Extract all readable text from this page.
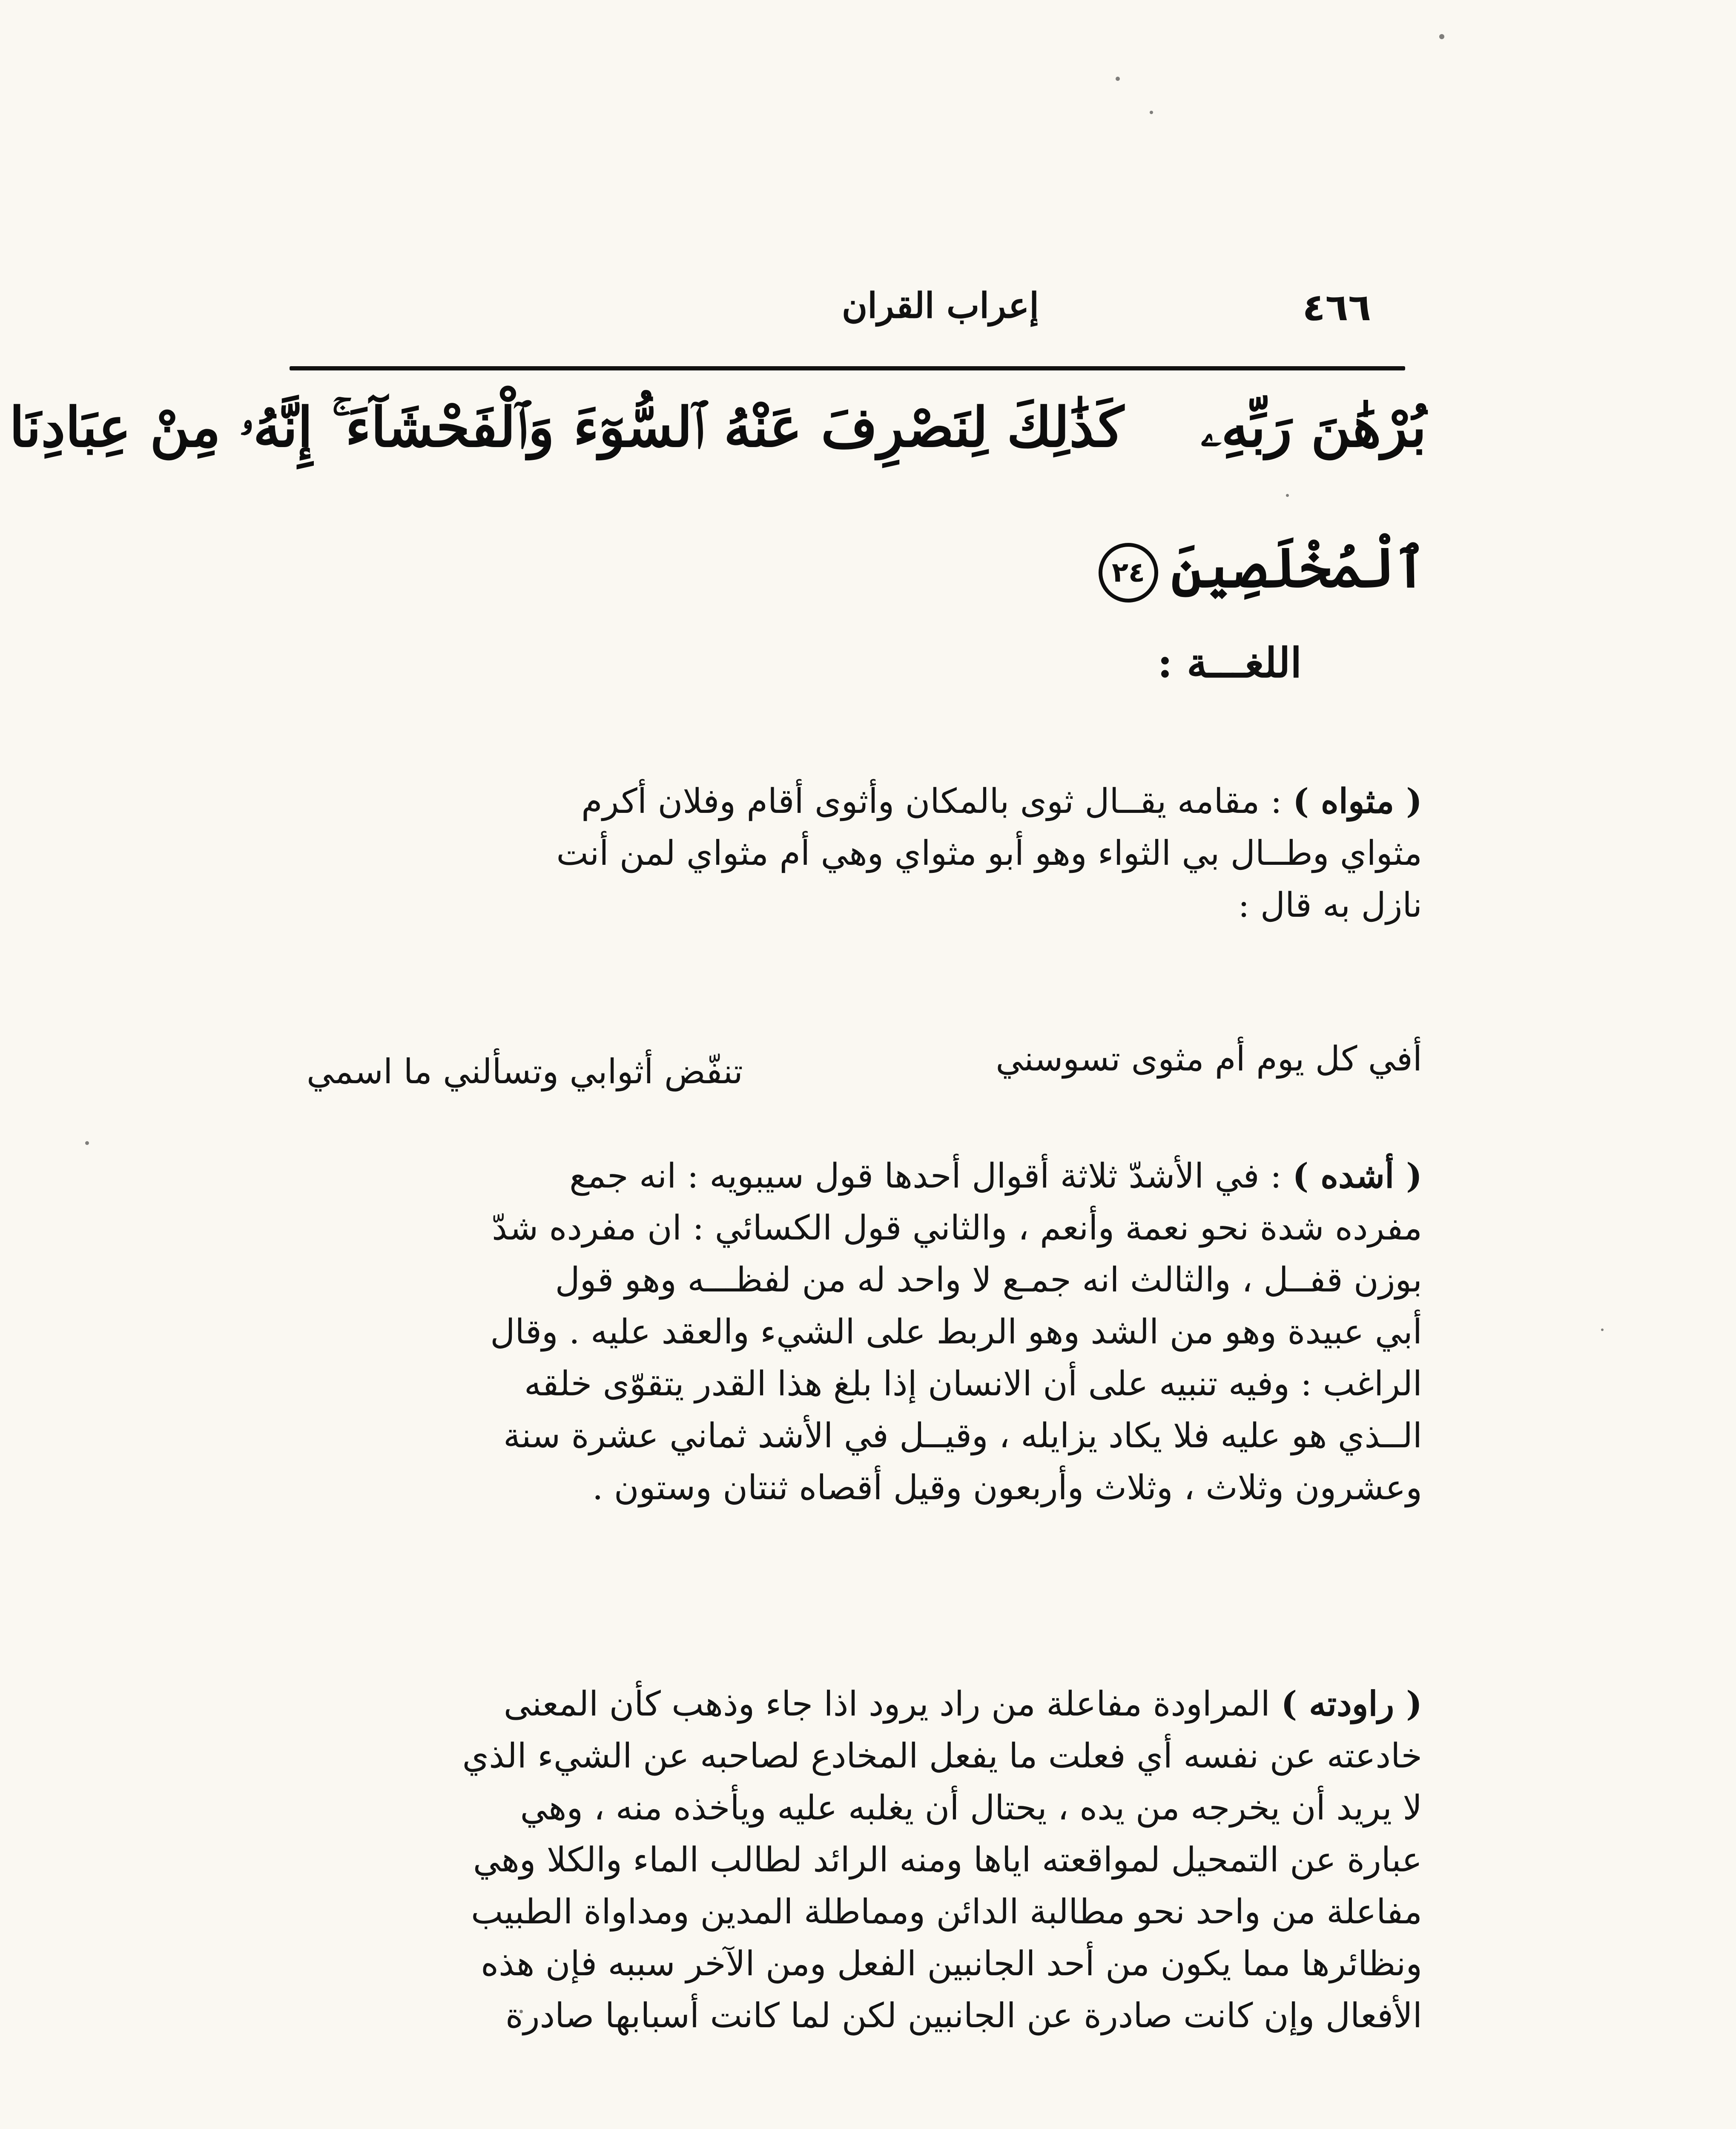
٤٦٦
إعراب القران
بُرْهَٰنَ رَبِّهِۦكَذَٰلِكَ لِنَصْرِفَ عَنْهُ ٱلسُّوٓءَ وَٱلْفَحْشَآءَ ۚ إِنَّهُۥ مِنْ عِبَادِنَا
ٱلْمُخْلَصِينَ٢٤
اللغـــة :
( مثواه ) : مقامه يقــال ثوى بالمكان وأثوى أقام وفلان أكرم
مثواي وطــال بي الثواء وهو أبو مثواي وهي أم مثواي لمن أنت
نازل به قال :
أفي كل يوم أم مثوى تسوسني
تنفّض أثوابي وتسألني ما اسمي
( أشده ) : في الأشدّ ثلاثة أقوال أحدها قول سيبويه : انه جمع
مفرده شدة نحو نعمة وأنعم ، والثاني قول الكسائي : ان مفرده شدّ
بوزن قفــل ، والثالث انه جمـع لا واحد له من لفظـــه وهو قول
أبي عبيدة وهو من الشد وهو الربط على الشيء والعقد عليه . وقال
الراغب : وفيه تنبيه على أن الانسان إذا بلغ هذا القدر يتقوّى خلقه
الــذي هو عليه فلا يكاد يزايله ، وقيــل في الأشد ثماني عشرة سنة
وعشرون وثلاث ، وثلاث وأربعون وقيل أقصاه ثنتان وستون .
( راودته ) المراودة مفاعلة من راد يرود اذا جاء وذهب كأن المعنى
خادعته عن نفسه أي فعلت ما يفعل المخادع لصاحبه عن الشيء الذي
لا يريد أن يخرجه من يده ، يحتال أن يغلبه عليه ويأخذه منه ، وهي
عبارة عن التمحيل لمواقعته اياها ومنه الرائد لطالب الماء والكلا وهي
مفاعلة من واحد نحو مطالبة الدائن ومماطلة المدين ومداواة الطبيب
ونظائرها مما يكون من أحد الجانبين الفعل ومن الآخر سببه فإن هذه
الأفعال وإن كانت صادرة عن الجانبين لكن لما كانت أسبابها صادرة
